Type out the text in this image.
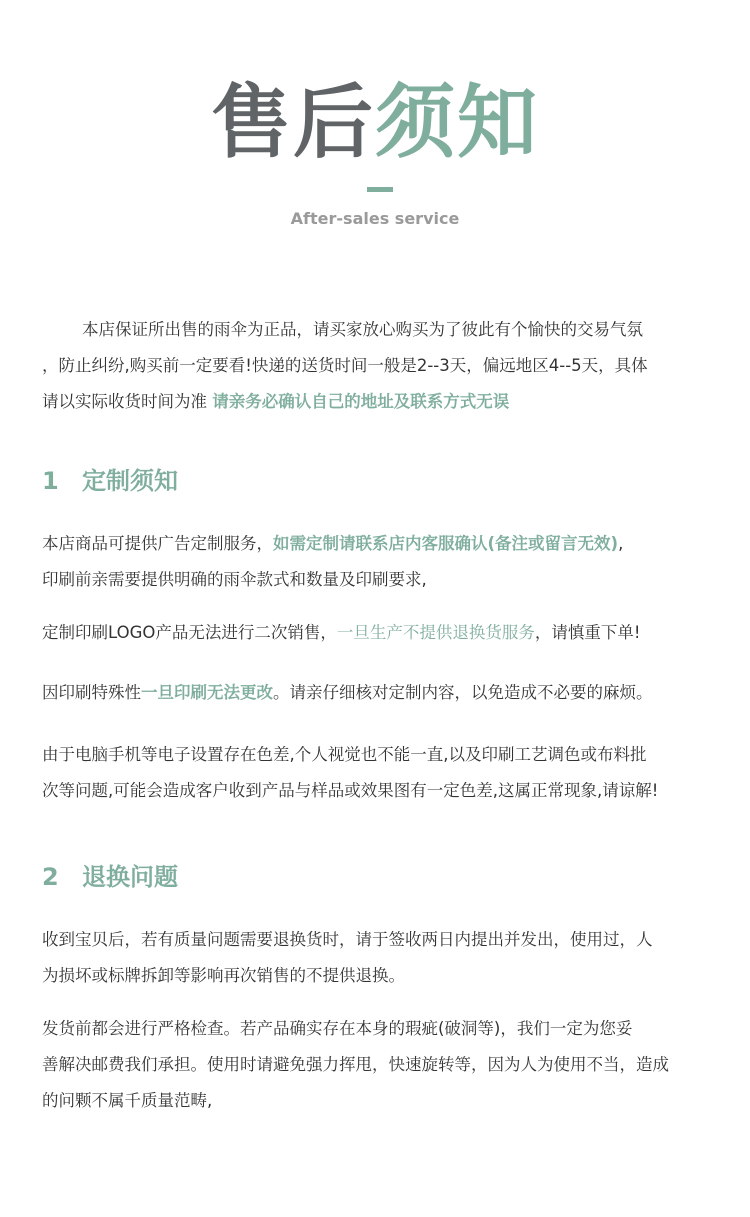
售后须知
After-sales service
本店保证所出售的雨伞为正品，请买家放心购买为了彼此有个愉快的交易气氛
，防止纠纷,购买前一定要看!快递的送货时间一般是2--3天，偏远地区4--5天，具体
请以实际收货时间为准 请亲务必确认自己的地址及联系方式无误
1 定制须知
本店商品可提供广告定制服务，如需定制请联系店内客服确认(备注或留言无效),
印刷前亲需要提供明确的雨伞款式和数量及印刷要求,
定制印刷LOGO产品无法进行二次销售，一旦生产不提供退换货服务，请慎重下单!
因印刷特殊性一旦印刷无法更改。请亲仔细核对定制内容，以免造成不必要的麻烦。
由于电脑手机等电子设置存在色差,个人视觉也不能一直,以及印刷工艺调色或布料批
次等问题,可能会造成客户收到产品与样品或效果图有一定色差,这属正常现象,请谅解!
2 退换问题
收到宝贝后，若有质量问题需要退换货时，请于签收两日内提出并发出，使用过，人
为损坏或标牌拆卸等影响再次销售的不提供退换。
发货前都会进行严格检查。若产品确实存在本身的瑕疵(破洞等)，我们一定为您妥
善解决邮费我们承担。使用时请避免强力挥甩，快速旋转等，因为人为使用不当，造成
的问颗不属千质量范畴,
